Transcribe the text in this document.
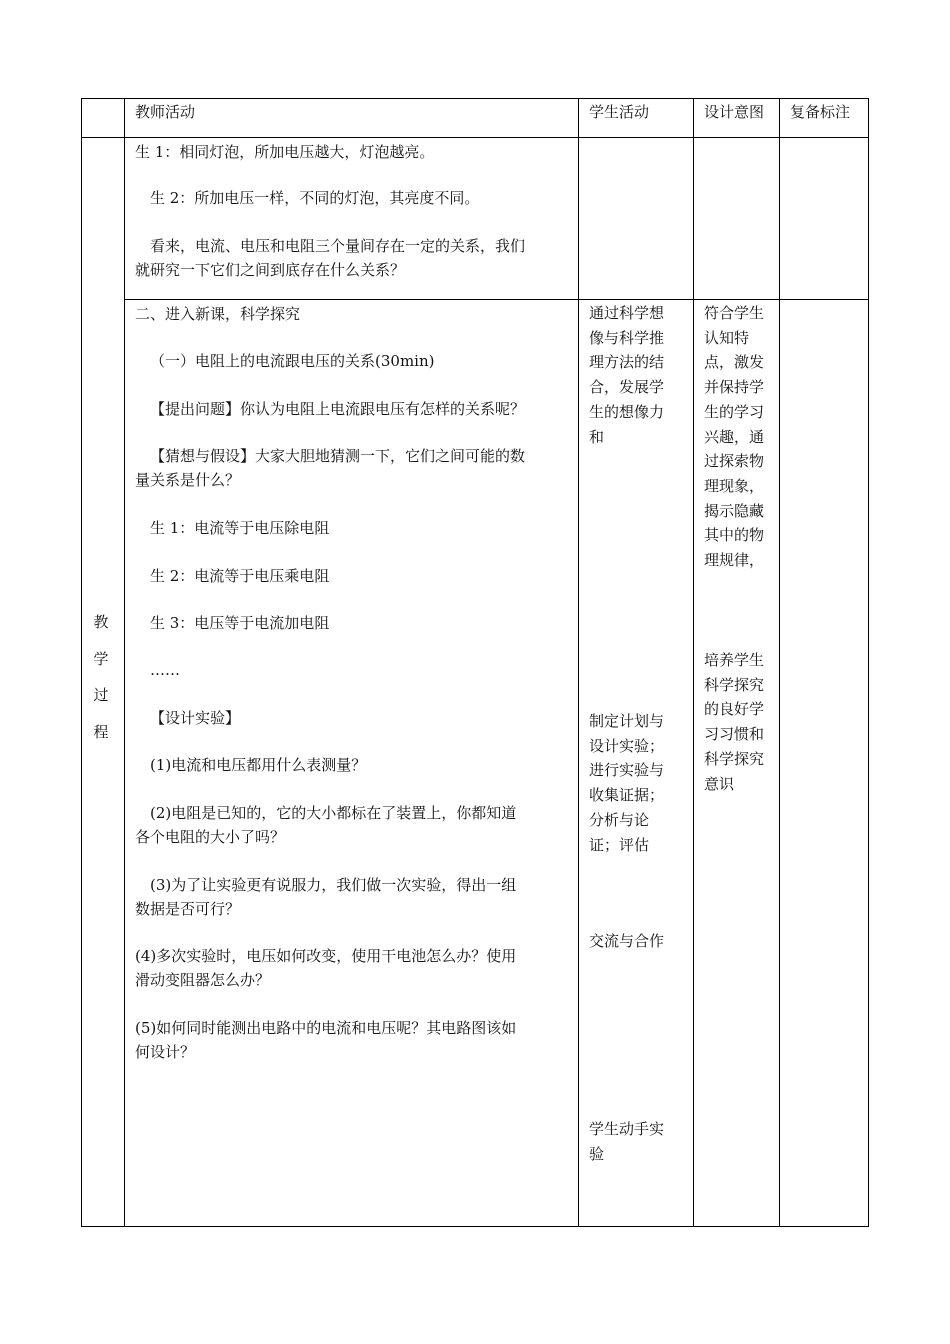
教师活动	学生活动	设计意图 复备标注
教
学
过
程
生 1：相同灯泡，所加电压越大，灯泡越亮。
生 2：所加电压一样，不同的灯泡，其亮度不同。
看来，电流、电压和电阻三个量间存在一定的关系，我们
就研究一下它们之间到底存在什么关系？
二、进入新课，科学探究
（一）电阻上的电流跟电压的关系(30min)
【提出问题】你认为电阻上电流跟电压有怎样的关系呢？
【猜想与假设】大家大胆地猜测一下，它们之间可能的数
量关系是什么？
生 1：电流等于电压除电阻
生 2：电流等于电压乘电阻
生 3：电压等于电流加电阻
……
【设计实验】
(1)电流和电压都用什么表测量？
(2)电阻是已知的，它的大小都标在了装置上，你都知道
各个电阻的大小了吗？
(3)为了让实验更有说服力，我们做一次实验，得出一组
数据是否可行？
(4)多次实验时，电压如何改变，使用干电池怎么办？使用
滑动变阻器怎么办？
(5)如何同时能测出电路中的电流和电压呢？其电路图该如
何设计？
通过科学想
像与科学推
理方法的结
合，发展学
生的想像力
和
制定计划与
设计实验；
进行实验与
收集证据；
分析与论
证；评估
交流与合作
学生动手实
验
符合学生
认知特
点，激发
并保持学
生的学习
兴趣，通
过探索物
理现象，
揭示隐藏
其中的物
理规律，
培养学生
科学探究
的良好学
习习惯和
科学探究
意识
